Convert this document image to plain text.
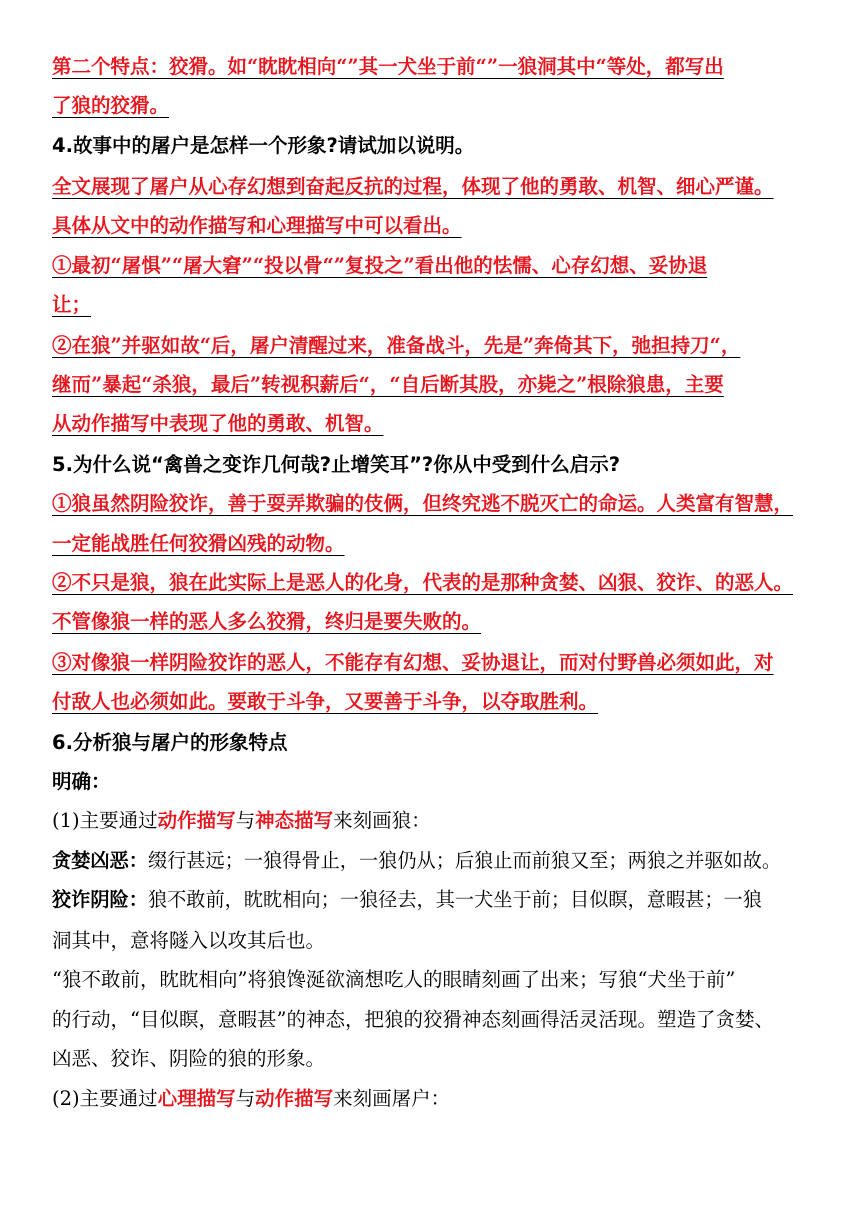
第二个特点：狡猾。如“眈眈相向“”其一犬坐于前“”一狼洞其中“等处，都写出
了狼的狡猾。
4.故事中的屠户是怎样一个形象?请试加以说明。
全文展现了屠户从心存幻想到奋起反抗的过程，体现了他的勇敢、机智、细心严谨。
具体从文中的动作描写和心理描写中可以看出。
①最初“屠惧”“屠大窘”“投以骨“”复投之”看出他的怯懦、心存幻想、妥协退
让；
②在狼”并驱如故“后，屠户清醒过来，准备战斗，先是”奔倚其下，弛担持刀“，
继而”暴起“杀狼，最后”转视积薪后“，“自后断其股，亦毙之”根除狼患，主要
从动作描写中表现了他的勇敢、机智。
5.为什么说“禽兽之变诈几何哉?止增笑耳”?你从中受到什么启示?
①狼虽然阴险狡诈，善于耍弄欺骗的伎俩，但终究逃不脱灭亡的命运。人类富有智慧，
一定能战胜任何狡猾凶残的动物。
②不只是狼，狼在此实际上是恶人的化身，代表的是那种贪婪、凶狠、狡诈、的恶人。
不管像狼一样的恶人多么狡猾，终归是要失败的。
③对像狼一样阴险狡诈的恶人，不能存有幻想、妥协退让，而对付野兽必须如此，对
付敌人也必须如此。要敢于斗争，又要善于斗争，以夺取胜利。
6.分析狼与屠户的形象特点
明确：
(1)主要通过动作描写与神态描写来刻画狼：
贪婪凶恶：缀行甚远；一狼得骨止，一狼仍从；后狼止而前狼又至；两狼之并驱如故。
狡诈阴险：狼不敢前，眈眈相向；一狼径去，其一犬坐于前；目似瞑，意暇甚；一狼
洞其中，意将隧入以攻其后也。
“狼不敢前，眈眈相向”将狼馋涎欲滴想吃人的眼睛刻画了出来；写狼“犬坐于前”
的行动，“目似瞑，意暇甚”的神态，把狼的狡猾神态刻画得活灵活现。塑造了贪婪、
凶恶、狡诈、阴险的狼的形象。
(2)主要通过心理描写与动作描写来刻画屠户：
